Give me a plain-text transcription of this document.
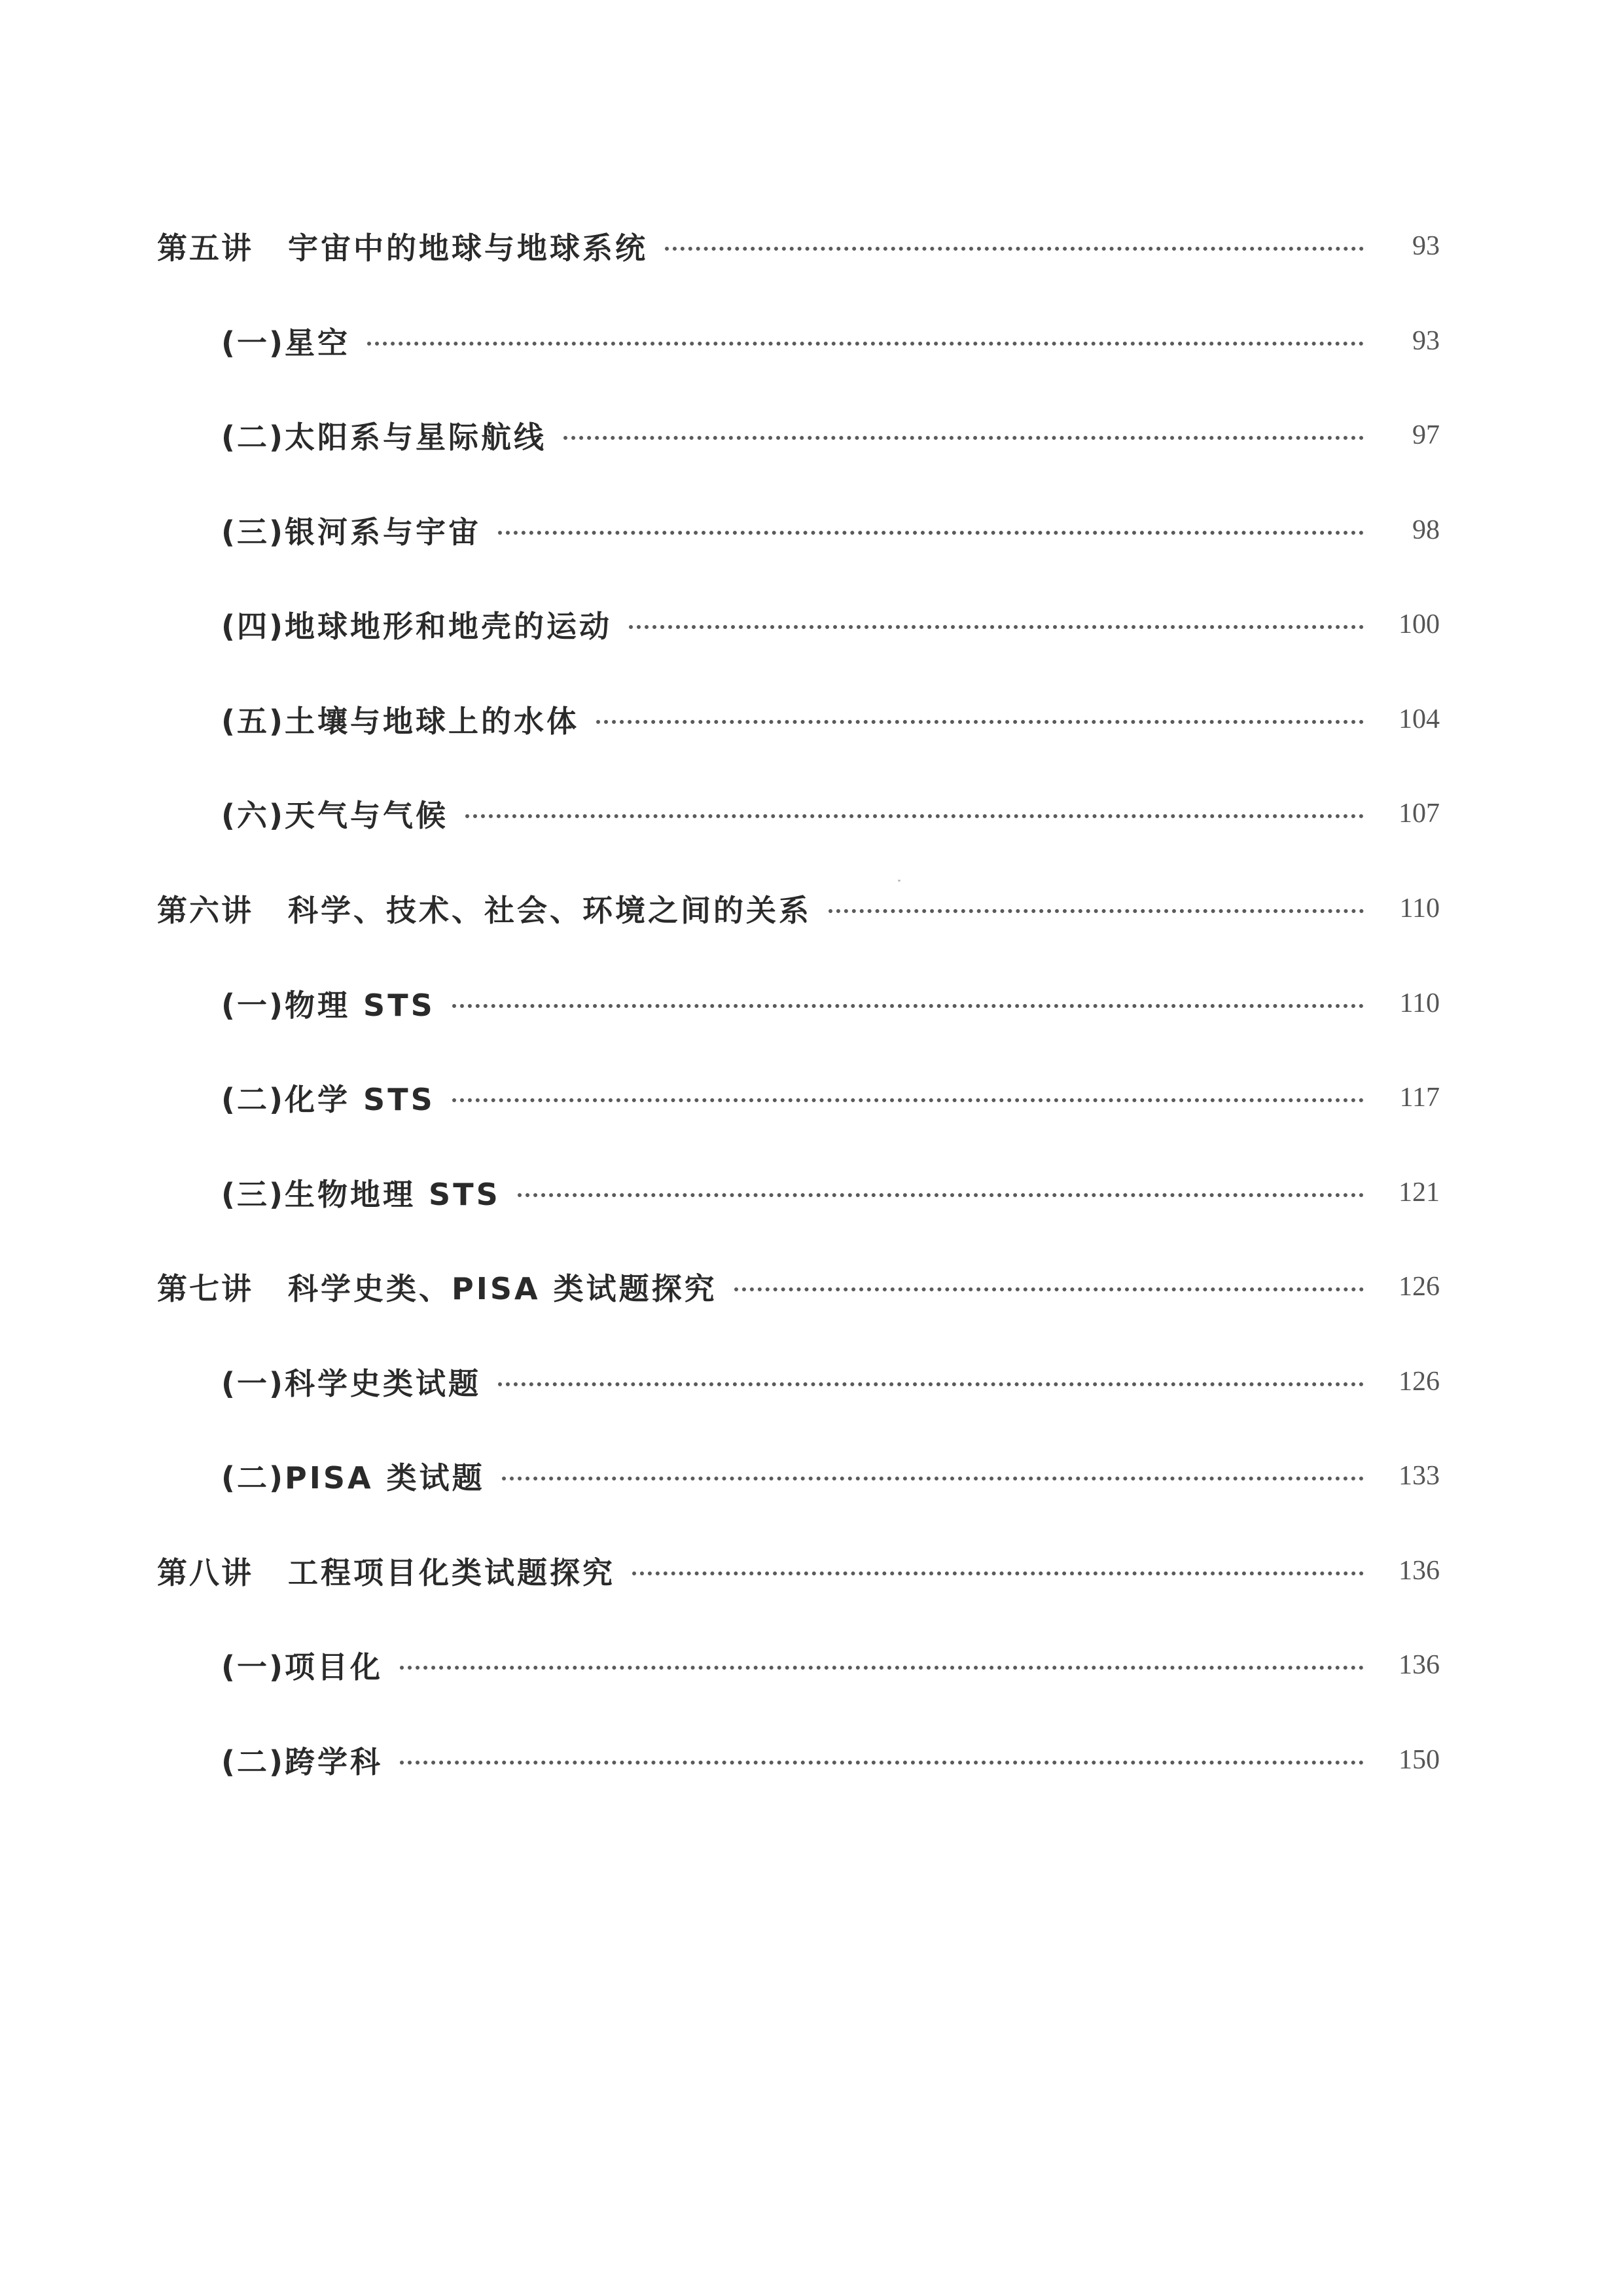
第五讲	宇宙中的地球与地球系统	93
(一) 星空	93
(二) 太阳系与星际航线	97
(三) 银河系与宇宙	98
(四) 地球地形和地壳的运动	100
(五) 土壤与地球上的水体	104
(六) 天气与气候	107
第六讲	科学、技术、社会、环境之间的关系	110
(一) 物理 STS	110
(二) 化学 STS	117
(三) 生物地理 STS	121
第七讲	科学史类、PISA 类试题探究	126
(一) 科学史类试题	126
(二) PISA 类试题	133
第八讲	工程项目化类试题探究	136
(一) 项目化	136
(二) 跨学科	150
